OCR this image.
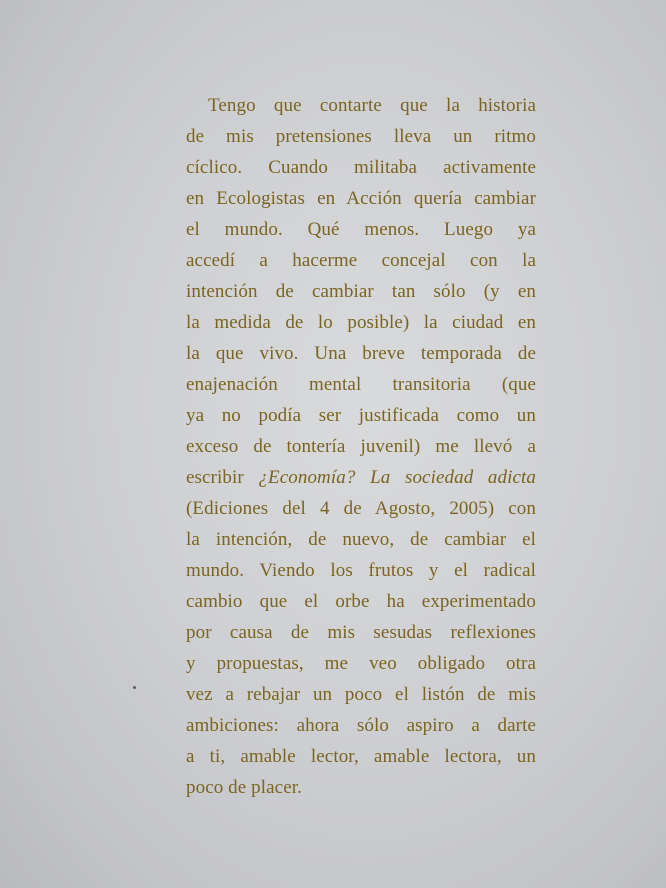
Tengo que contarte que la historia
de mis pretensiones lleva un ritmo
cíclico. Cuando militaba activamente
en Ecologistas en Acción quería cambiar
el mundo. Qué menos. Luego ya
accedí a hacerme concejal con la
intención de cambiar tan sólo (y en
la medida de lo posible) la ciudad en
la que vivo. Una breve temporada de
enajenación mental transitoria (que
ya no podía ser justificada como un
exceso de tontería juvenil) me llevó a
escribir ¿Economía? La sociedad adicta
(Ediciones del 4 de Agosto, 2005) con
la intención, de nuevo, de cambiar el
mundo. Viendo los frutos y el radical
cambio que el orbe ha experimentado
por causa de mis sesudas reflexiones
y propuestas, me veo obligado otra
vez a rebajar un poco el listón de mis
ambiciones: ahora sólo aspiro a darte
a ti, amable lector, amable lectora, un
poco de placer.
